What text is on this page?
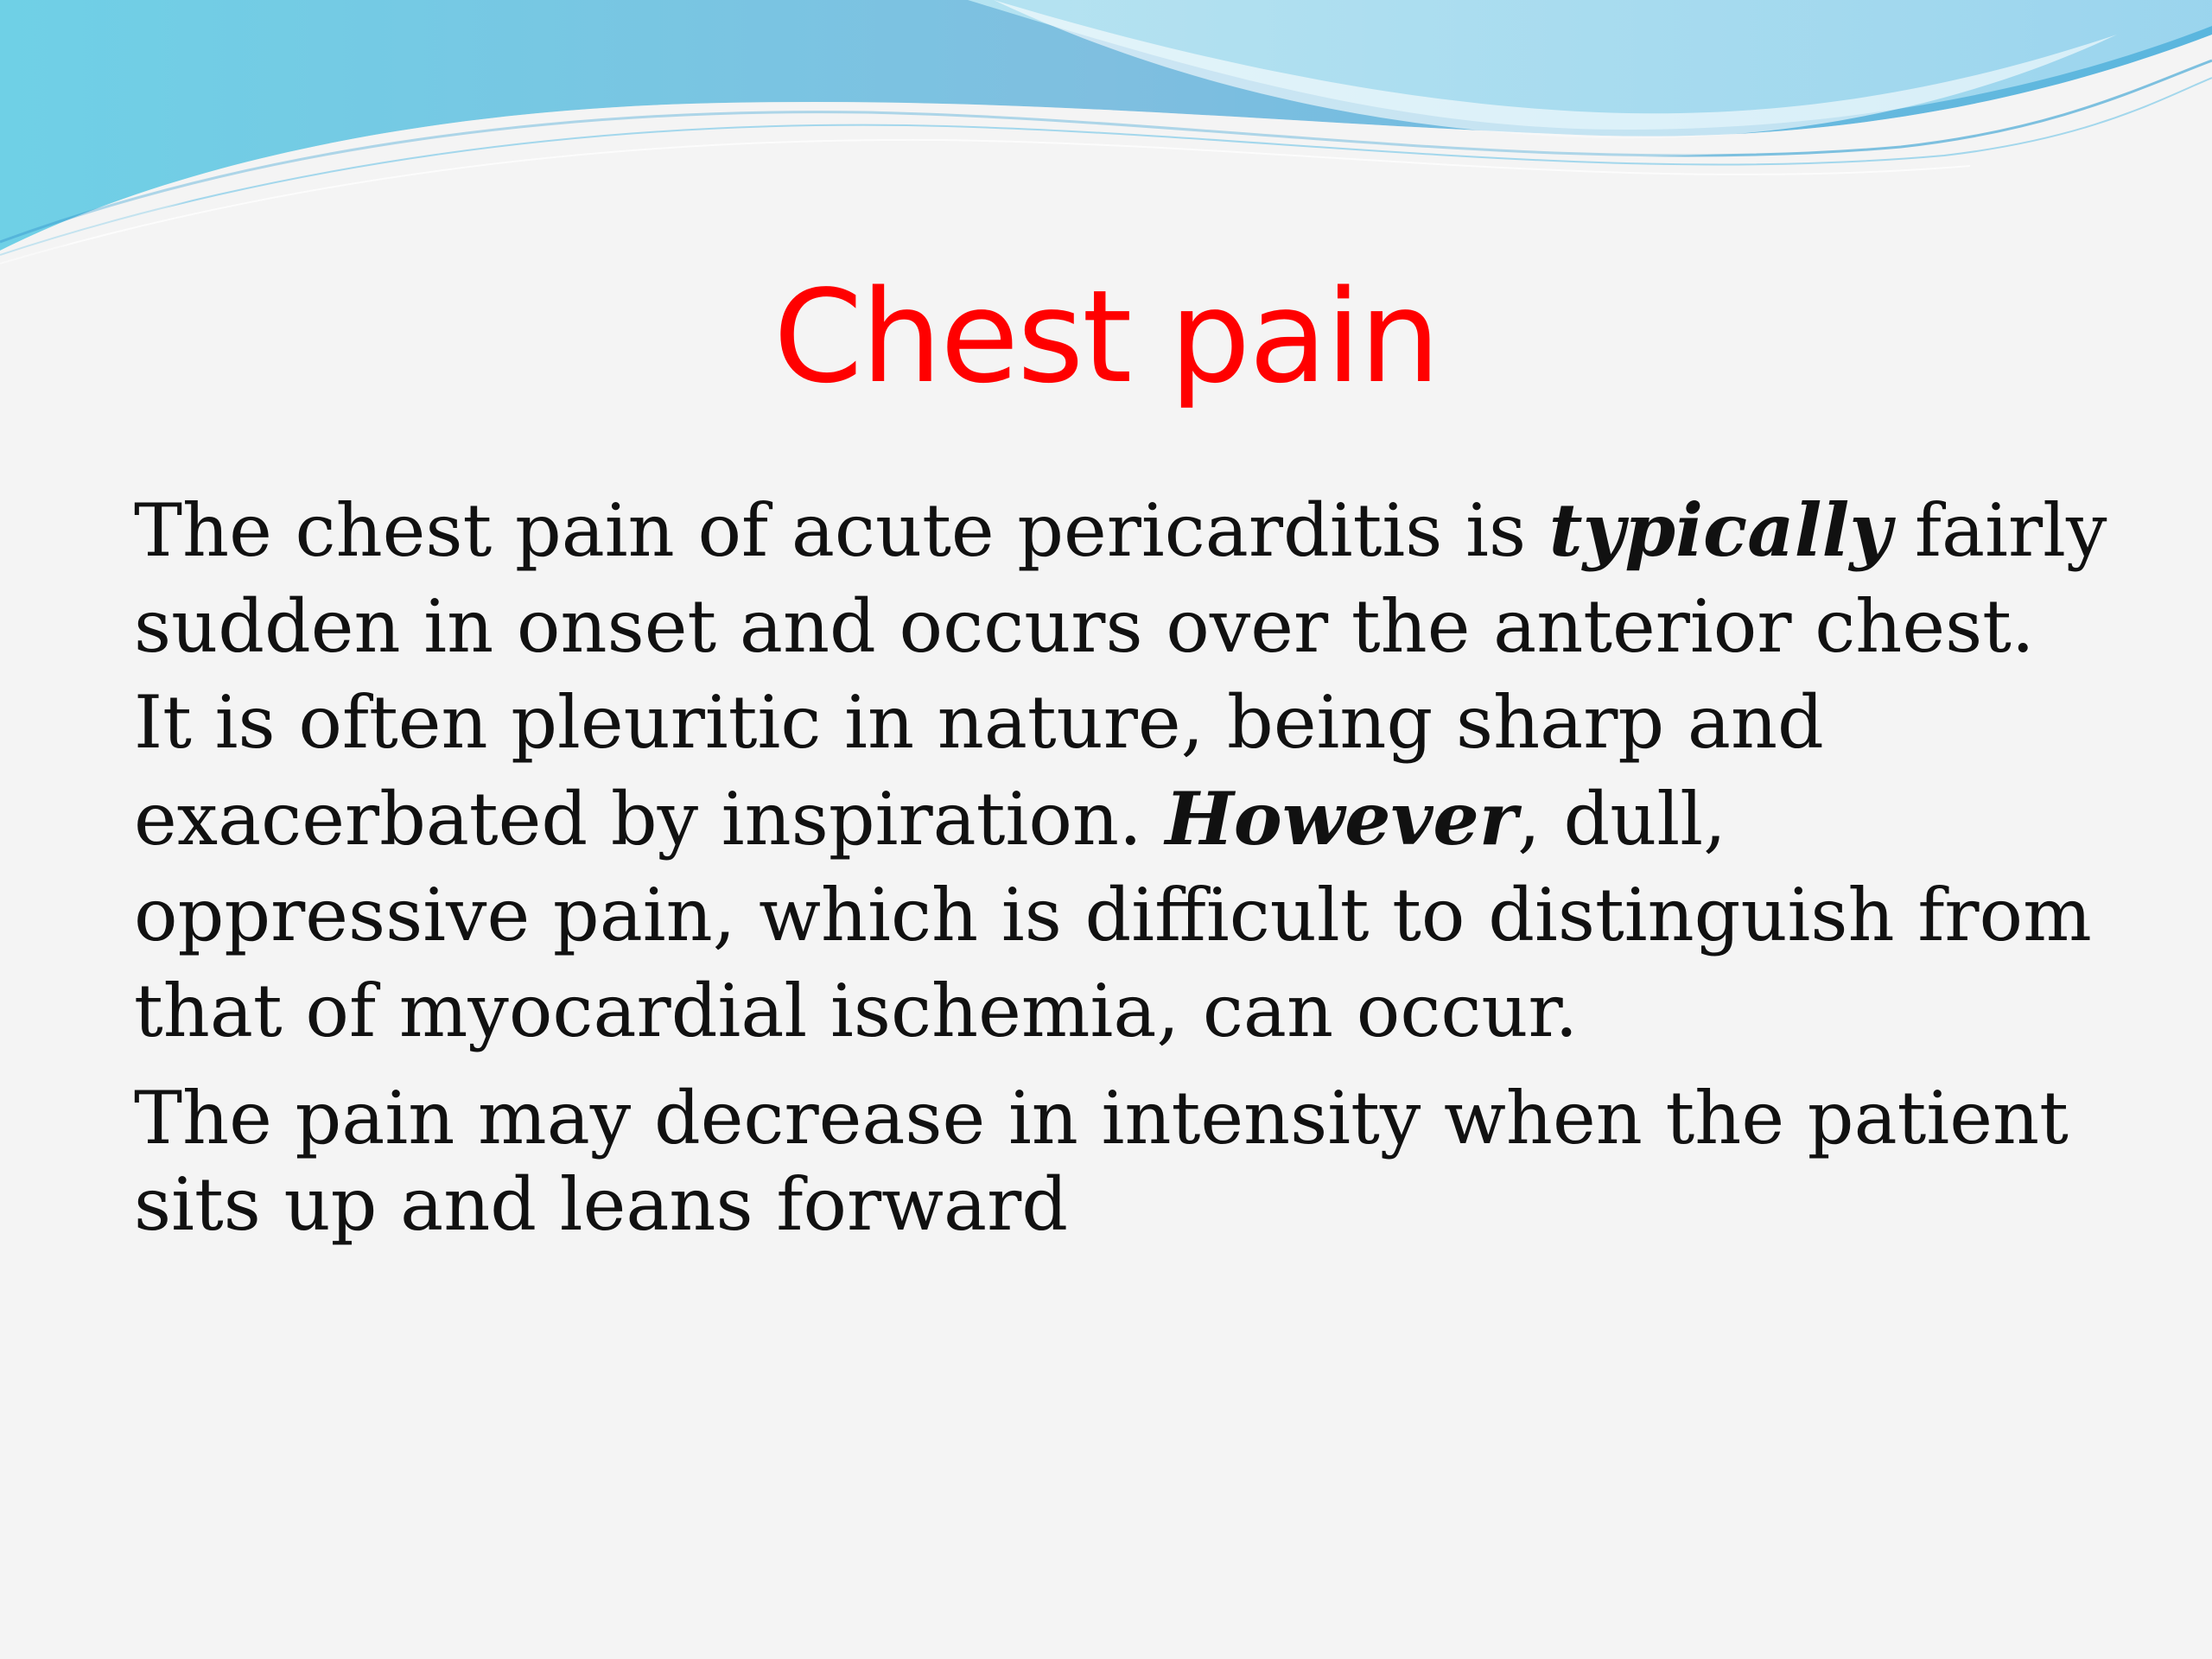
Chest pain

The chest pain of acute pericarditis is typically fairly sudden in onset and occurs over the anterior chest. It is often pleuritic in nature, being sharp and exacerbated by inspiration. However, dull, oppressive pain, which is difficult to distinguish from that of myocardial ischemia, can occur.

The pain may decrease in intensity when the patient sits up and leans forward
